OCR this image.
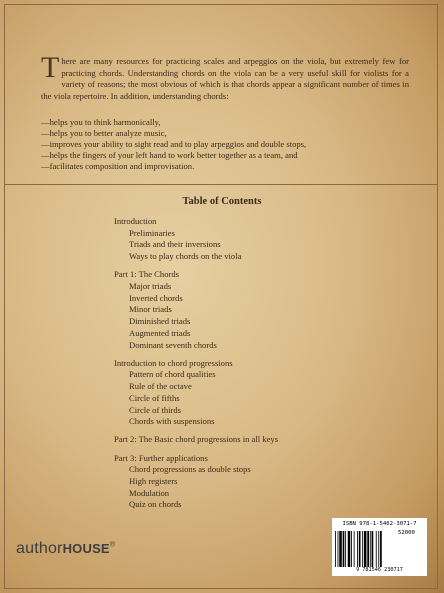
There are many resources for practicing scales and arpeggios on the viola, but extremely few for practicing chords. Understanding chords on the viola can be a very useful skill for violists for a variety of reasons; the most obvious of which is that chords appear a significant number of times in the viola repertoire. In addition, understanding chords:
—helps you to think harmonically,
—helps you to better analyze music,
—improves your ability to sight read and to play arpeggios and double stops,
—helps the fingers of your left hand to work better together as a team, and
—facilitates composition and improvisation.
Table of Contents
Introduction
Preliminaries
Triads and their inversions
Ways to play chords on the viola
Part 1: The Chords
Major triads
Inverted chords
Minor triads
Diminished triads
Augmented triads
Dominant seventh chords
Introduction to chord progressions
Pattern of chord qualities
Rule of the octave
Circle of fifths
Circle of thirds
Chords with suspensions
Part 2: The Basic chord progressions in all keys
Part 3: Further applications
Chord progressions as double stops
High registers
Modulation
Quiz on chords
authorHOUSE®
ISBN 978-1-5462-3071-7
52000
9 781546 230717
